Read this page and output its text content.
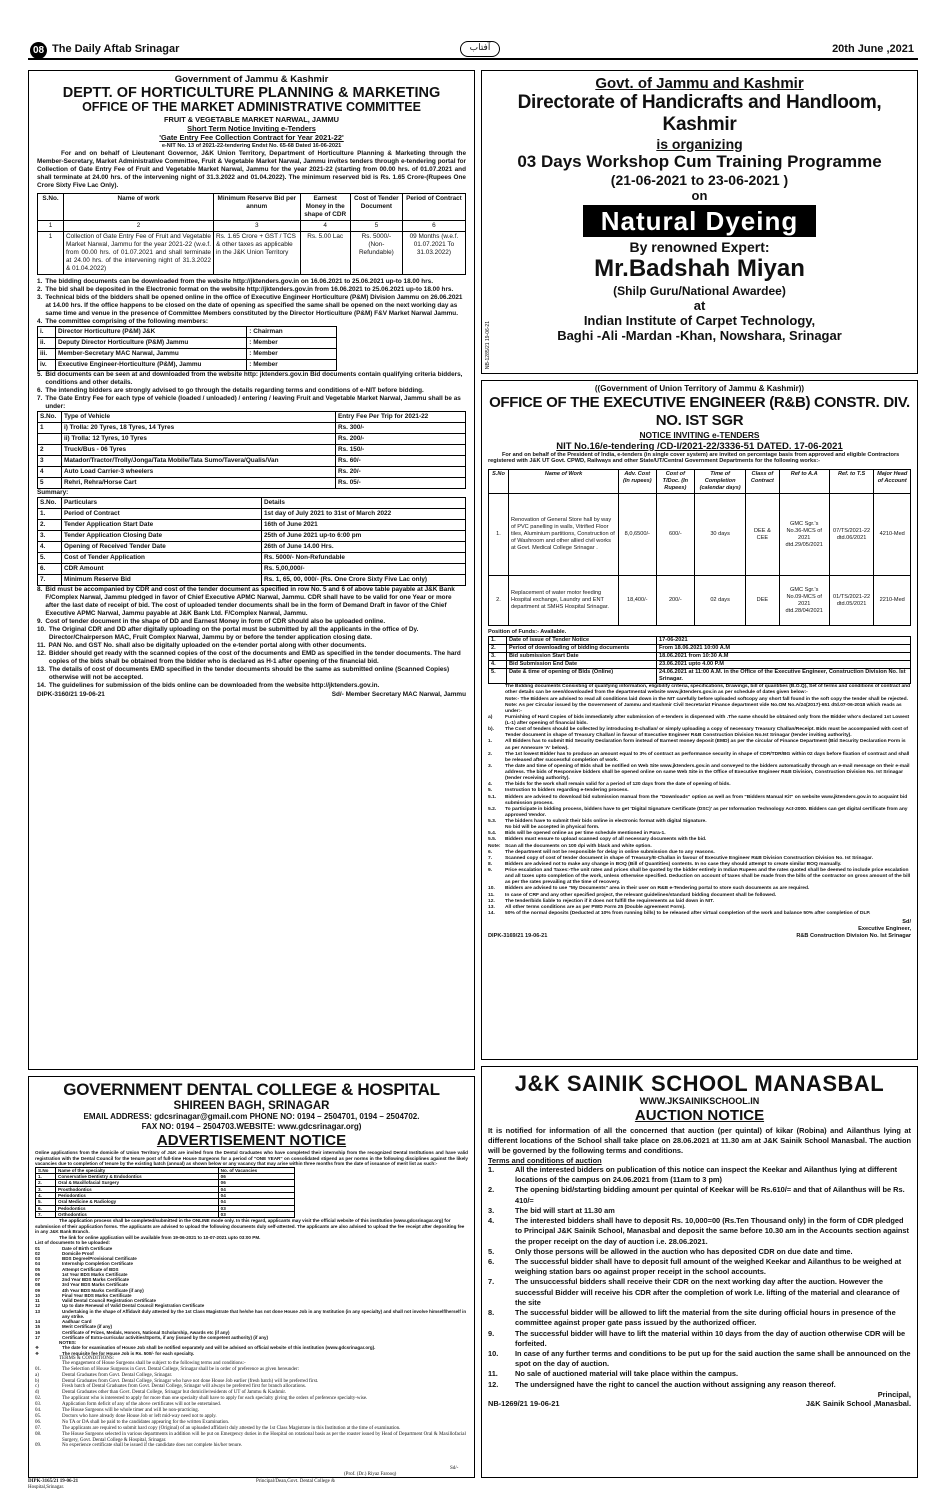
08 The Daily Aftab Srinagar	آفتاب	20th June ,2021
Government of Jammu & Kashmir
DEPTT. OF HORTICULTURE PLANNING & MARKETING
OFFICE OF THE MARKET ADMINISTRATIVE COMMITTEE
FRUIT & VEGETABLE MARKET NARWAL, JAMMU
Short Term Notice Inviting e-Tenders
'Gate Entry Fee Collection Contract for Year 2021-22'
e-NIT No. 13 of 2021-22-tendering Endst No. 65-68 Dated 16-06-2021
For and on behalf of Lieutenant Governor, J&K Union Territory, Department of Horticulture Planning & Marketing through the Member-Secretary, Market Administrative Committee, Fruit & Vegetable Market Narwal, Jammu invites tenders through e-tendering portal for Collection of Gate Entry Fee of Fruit and Vegetable Market Narwal, Jammu for the year 2021-22 (starting from 00.00 hrs. of 01.07.2021 and shall terminate at 24.00 hrs. of the intervening night of 31.3.2022 and 01.04.2022). The minimum reserved bid is Rs. 1.65 Crore-(Rupees One Crore Sixty Five Lac Only).
S.No.	Name of work	Minimum Reserve Bid per annum	Earnest Money in the shape of CDR	Cost of Tender Document	Period of Contract
1	2	3	4	5	6
1	Collection of Gate Entry Fee of Fruit and Vegetable Market Narwal, Jammu for the year 2021-22 (w.e.f. from 00.00 hrs. of 01.07.2021 and shall terminate at 24.00 hrs. of the intervening night of 31.3.2022 & 01.04.2022)	Rs. 1.65 Crore + GST / TCS & other taxes as applicable in the J&K Union Territory	Rs. 5.00 Lac	Rs. 5000/- (Non-Refundable)	09 Months (w.e.f. 01.07.2021 To 31.03.2022)

1. The bidding documents can be downloaded from the website http://jktenders.gov.in on 16.06.2021 to 25.06.2021 up-to 18.00 hrs.

2. The bid shall be deposited in the Electronic format on the website http://jktenders.gov.in from 16.06.2021 to 25.06.2021 up-to 18.00 hrs.

3. Technical bids of the bidders shall be opened online in the office of Executive Engineer Horticulture (P&M) Division Jammu on 26.06.2021 at 14.00 hrs. If the office happens to be closed on the date of opening as specified the same shall be opened on the next working day as same time and venue in the presence of Committee Members constituted by the Director Horticulture (P&M) F&V Market Narwal Jammu.

4. The committee comprising of the following members:

i.	Director Horticulture (P&M) J&K	: Chairman
ii.	Deputy Director Horticulture (P&M) Jammu	: Member
iii.	Member-Secretary MAC Narwal, Jammu	: Member
iv.	Executive Engineer-Horticulture (P&M), Jammu	: Member

5. Bid documents can be seen at and downloaded from the website http: jktenders.gov.in Bid documents contain qualifying criteria bidders, conditions and other details.

6. The intending bidders are strongly advised to go through the details regarding terms and conditions of e-NIT before bidding.

7. The Gate Entry Fee for each type of vehicle (loaded / unloaded) / entering / leaving Fruit and Vegetable Market Narwal, Jammu shall be as under:

S.No.	Type of Vehicle	Entry Fee Per Trip for 2021-22
1	i) Trolla: 20 Tyres, 18 Tyres, 14 Tyres	Rs. 300/-
	ii) Trolla: 12 Tyres, 10 Tyres	Rs. 200/-
2	Truck/Bus - 06 Tyres	Rs. 150/-
3	Matador/Tractor/Trolly/Jonga/Tata Mobile/Tata Sumo/Tavera/Qualis/Van	Rs. 60/-
4	Auto Load Carrier-3 wheelers	Rs. 20/-
5	Rehri, Rehra/Horse Cart	Rs. 05/-
Summary:
S.No.	Particulars	Details
1.	Period of Contract	1st day of July 2021 to 31st of March 2022
2.	Tender Application Start Date	16th of June 2021
3.	Tender Application Closing Date	25th of June 2021 up-to 6:00 pm
4.	Opening of Received Tender Date	26th of June 14.00 Hrs.
5.	Cost of Tender Application	Rs. 5000/- Non-Refundable
6.	CDR Amount	Rs. 5,00,000/-
7.	Minimum Reserve Bid	Rs. 1, 65, 00, 000/- (Rs. One Crore Sixty Five Lac only)

8. Bid must be accompanied by CDR and cost of the tender document as specified in row No. 5 and 6 of above table payable at J&K Bank F/Complex Narwal, Jammu pledged in favor of Chief Executive APMC Narwal, Jammu. CDR shall have to be valid for one Year or more after the last date of receipt of bid. The cost of uploaded tender documents shall be in the form of Demand Draft in favor of the Chief Executive APMC Narwal, Jammu payable at J&K Bank Ltd. F/Complex Narwal, Jammu.

9. Cost of tender document in the shape of DD and Earnest Money in form of CDR should also be uploaded online.

10. The Original CDR and DD after digitally uploading on the portal must be submitted by all the applicants in the office of Dy. Director/Chairperson MAC, Fruit Complex Narwal, Jammu by or before the tender application closing date.

11. PAN No. and GST No. shall also be digitally uploaded on the e-tender portal along with other documents.

12. Bidder should get ready with the scanned copies of the cost of the documents and EMD as specified in the tender documents. The hard copies of the bids shall be obtained from the bidder who is declared as H-1 after opening of the financial bid.

13. The details of cost of documents EMD specified in the tender documents should be the same as submitted online (Scanned Copies) otherwise will not be accepted.

14. The guidelines for submission of the bids online can be downloaded from the website http://jktenders.gov.in.

DIPK-3160/21 19-06-21	Sd/- Member Secretary MAC Narwal, Jammu
Govt. of Jammu and Kashmir
Directorate of Handicrafts and Handloom, Kashmir
is organizing
03 Days Workshop Cum Training Programme
(21-06-2021 to 23-06-2021 )
on
Natural Dyeing
By renowned Expert:
Mr.Badshah Miyan
(Shilp Guru/National Awardee)
at
Indian Institute of Carpet Technology,
Baghi -Ali -Mardan -Khan, Nowshara, Srinagar
NB-1285/21 19-06-21
((Government of Union Territory of Jammu & Kashmir))
OFFICE OF THE EXECUTIVE ENGINEER (R&B) CONSTR. DIV. NO. IST SGR
NOTICE INVITING e-TENDERS
NIT No.16/e-tendering /CD-I/2021-22/3336-51 DATED. 17-06-2021
For and on behalf of the President of India, e-tenders (in single cover system) are invited on percentage basis from approved and eligible Contractors registered with J&K UT Govt. CPWD, Railways and other State/UT/Central Government Departments for the following works:-
S.No	Name of Work	Adv. Cost (In rupees)	Cost of T/Doc. (In Rupees)	Time of Completion (calendar days)	Class of Contract	Ref to A.A	Ref. to T.S	Major Head of Account
1.	Renovation of General Store hall by way of PVC panelling in walls, Vitrified Floor tiles, Aluminium partitions, Construction of of Washroom and other allied civil works at Govt. Medical College Srinagar .	8,0,6500/-	600/-	30 days	DEE & CEE	GMC Sgr.'s No.36-MCS of 2021 dtd.29/05/2021	07/TS/2021-22 dtd.06/2021	4210-Med
2.	Replacement of water motor feeding Hospital exchange, Laundry and ENT department at SMHS Hospital Srinagar.	18,400/-	200/-	02 days	DEE	GMC Sgr.'s No.09-MCS of 2021 dtd.28/04/2021	01/TS/2021-22 dtd.05/2021	2210-Med
Position of Funds:- Available.
1.	Date of issue of Tender Notice	17-06-2021
2.	Period of downloading of bidding documents	From 18.06.2021 10:00 A.M
3.	Bid submission Start Date	18.06.2021 from 10:30 A.M
4.	Bid Submission End Date	23.06.2021 upto 4.00 P.M
5.	Date & time of opening of Bids (Online)	24.06.2021 at 11:00 A.M. in the Office of the Executive Engineer, Construction Division No. Ist Srinagar.

The Bidding documents Consisting of qualifying information, eligibility criteria, specifications, Drawings, bill of quantities (B.O.Q), Set of terms and conditions of contract and other details can be seen/downloaded from the departmental website www.jktenders.gov.in as per schedule of dates given below:-

Note:- The Bidders are advised to read all conditions laid down in the NIT carefully before uploaded softcopy any short fall found in the soft copy the tender shall be rejected.

Note: As per Circular issued by the Government of Jammu and Kashmir Civil Secretariat Finance department vide No.OM No.A/24(2017)-651 dtd.07-06-2018 which reads as under:-

a)	Furnishing of Hard Copies of bids immediately after submission of e-tenders is dispensed with .The same should be obtained only from the Bidder who's declared 1st Lowest (L-1) after opening of financial bids.

b).	The Cost of tenders should be collected by introducing E-challan/ or simply uploading a copy of necessary Treasury Challan/Receipt. Bids must be accompanied with cost of Tender document in shape of Treasury Challan/ in favour of Executive Engineer R&B Construction Division No.Ist Srinagar (tender inviting authority).

1.	All Bidders has to submit Bid Security Declaration form instead of Earnest money deposit (EMD) as per the circular of Finance Department (Bid Security Declaration Form is as per Annexure 'A' below).

2.	The 1st lowest Bidder has to produce an amount equal to 3% of contract as performance security in shape of CDR/TDR/BG within 02 days before fixation of contract and shall be released after successful completion of work.

3.	The date and time of opening of Bids shall be notified on Web Site www.jktenders.gov.in and conveyed to the bidders automatically through an e-mail message on their e-mail address. The bids of Responsive bidders shall be opened online on same Web Site in the Office of Executive Engineer R&B Division, Construction Division No. Ist Srinagar (tender receiving authority).

4.	The bids for the work shall remain valid for a period of 120 days from the date of opening of bids.

5.	Instruction to bidders regarding e-tendering process.

5.1.	Bidders are advised to download bid submission manual from the "Downloads" option as well as from "Bidders Manual Kit" on website www.jktenders.gov.in to acquaint bid submission process.

5.2.	To participate in bidding process, bidders have to get 'Digital Signature Certificate (DSC)' as per Information Technology Act-2000. Bidders can get digital certificate from any approved Vendor.

5.3.	The bidders have to submit their bids online in electronic format with digital Signature.

No bid will be accepted in physical form.

5.4.	Bids will be opened online as per time schedule mentioned in Para-1.

5.5.	Bidders must ensure to upload scanned copy of all necessary documents with the bid.

Note: Scan all the documents on 100 dpi with black and white option.

6.	The department will not be responsible for delay in online submission due to any reasons.

7.	Scanned copy of cost of tender document in shape of Treasury/E-Challan in favour of Executive Engineer R&B Division Construction Division No. Ist Srinagar.

8.	Bidders are advised not to make any change in BOQ (Bill of Quantities) contents. In no case they should attempt to create similar BOQ manually.

9.	Price escalation and Taxes:-The unit rates and prices shall be quoted by the bidder entirely in Indian Rupees and the rates quoted shall be deemed to include price escalation and all taxes upto completion of the work, unless otherwise specified. Deduction on account of taxes shall be made from the bills of the contractor on gross amount of the bill as per the rates prevailing at the time of recovery.

10.	Bidders are advised to use "My Documents" area in their user on R&B e-Tendering portal to store such documents as are required.

11.	In case of CRF and any other specified project, the relevant guidelines/standard bidding document shall be followed.

12.	The tender/bids liable to rejection if it does not fulfill the requirements as laid down in NIT.

13.	All other terms conditions are as per PWD Form 25 (Double agreement Form).

14.	50% of the normal deposits (Deducted at 10% from running bills) to be released after virtual completion of the work and balance 50% after completion of DLP.

Sd/
Executive Engineer,
DIPK-3169/21 19-06-21	R&B Construction Division No. Ist Srinagar
GOVERNMENT DENTAL COLLEGE & HOSPITAL
SHIREEN BAGH, SRINAGAR
EMAIL ADDRESS: gdcsrinagar@gmail.com PHONE NO: 0194 – 2504701, 0194 – 2504702.
FAX NO: 0194 – 2504703.WEBSITE: www.gdcsrinagar.org)
ADVERTISEMENT NOTICE
Online applications from the domicile of Union Territory of J&K are invited from the Dental Graduates who have completed their internship from the recognized Dental Institutions and have valid registration with the Dental Council for the tenure post of full-time House Surgeons for a period of "ONE YEAR" on consolidated stipend as per norms in the following disciplines against the likely vacancies due to completion of tenure by the existing batch (annual) as shown below or any vacancy that may arise within three months from the date of issuance of merit list as such:-
S.No	Name of the specialty	No. of Vacancies
1.	Conservative Dentistry & Endodontics	06
2.	Oral & Maxillofacial Surgery	06
3.	Prosthodontics	04
4.	Periodontics	04
5.	Oral Medicine & Radiology	04
6.	Pedodontics	03
7.	Orthodontics	03
The application process shall be completed/submitted in the ONLINE mode only. In this regard, applicants may visit the official website of this institution (www.gdcsrinagar.org) for submission of their application forms. The applicants are advised to upload the following documents duly self-attested. The applicants are also advised to upload the fee receipt after depositing fee in any J&K Bank Branch.
The link for online application will be available from 19-06-2021 to 10-07-2021 upto 03:00 PM.
List of documents to be uploaded:

01	Date of Birth Certificate

02	Domicile Proof

03	BDS Degree/Provisional Certificate

04	Internship Completion Certificate

05	Attempt Certificate of BDS

06	1st Year BDS Marks Certificate

07	2nd Year BDS Marks Certificate

08	3rd Year BDS Marks Certificate

09	4th Year BDS Marks Certificate (if any)

10	Final Year BDS Marks Certificate

11	Valid Dental Council Registration Certificate

12	Up to date Renewal of Valid Dental Council Registration Certificate

13	Undertaking in the shape of Affidavit duly attested by the 1st Class Magistrate that he/she has not done House Job in any Institution (in any specialty) and shall not involve himself/herself in any strike.

14	Aadhaar Card

15	Merit Certificate (if any)

16	Certificate of Prizes, Medals, Honors, National Scholarship, Awards etc (if any)

17	Certificate of Extra-curricular activities/Sports, if any (issued by the competent authority) (if any)

NOTES:

❖	The date for examination of House Job shall be notified separately and will be advised on official website of this institution (www.gdcsrinagar.org).

❖	The requisite fee for House Job is Rs. 500/- for each specialty.

TERMS & CONDITIONS:

The engagement of House Surgeons shall be subject to the following terms and conditions:-

01.	The Selection of House Surgeons in Govt. Dental College, Srinagar shall be in order of preference as given hereunder:

a)	Dental Graduates from Govt. Dental College, Srinagar.

b)	Dental Graduates from Govt. Dental College, Srinagar who have not done House Job earlier (fresh batch) will be preferred first.

c)	Fresh batch of Dental Graduates from Govt. Dental College, Srinagar will always be preferred first for branch allocations.

d)	Dental Graduates other than Govt. Dental College, Srinagar but domicile/residents of UT of Jammu & Kashmir.

02.	The applicant who is interested to apply for more than one specialty shall have to apply for each specialty giving the orders of preference specialty-wise.

03.	Application form deficit of any of the above certificates will not be entertained.

04.	The House Surgeons will be whole timer and will be non-practicing.

05.	Doctors who have already done House Job or left mid-way need not to apply.

06.	No TA or DA shall be paid to the candidates appearing for the written Examination.

07.	The applicants are required to submit hard copy (Original) of an uploaded affidavit duly attested by the 1st Class Magistrate in this Institution at the time of examination.

08.	The House Surgeons selected in various departments in addition will be put on Emergency duties in the Hospital on rotational basis as per the roaster issued by Head of Department Oral & Maxillofacial Surgery, Govt. Dental College & Hospital, Srinagar.

09.	No experience certificate shall be issued if the candidate does not complete his/her tenure.

DIPK-3165/21 19-06-21	Principal/Dean,Govt. Dental College &
Hospital,Srinagar.
Sd/-
(Prof. (Dr.) Riyaz Farooq)
J&K SAINIK SCHOOL MANASBAL
WWW.JKSAINIKSCHOOL.IN
AUCTION NOTICE
It is notified for information of all the concerned that auction (per quintal) of kikar (Robina) and Ailanthus lying at different locations of the School shall take place on 28.06.2021 at 11.30 am at J&K Sainik School Manasbal. The auction will be governed by the following terms and conditions.
Terms and conditions of auction

1.	All the interested bidders on publication of this notice can inspect the Keekar and Ailanthus lying at different locations of the campus on 24.06.2021 from (11am to 3 pm)

2.	The opening bid/starting bidding amount per quintal of Keekar will be Rs.610/= and that of Ailanthus will be Rs. 410/=

3.	The bid will start at 11.30 am

4.	The interested bidders shall have to deposit Rs. 10,000=00 (Rs.Ten Thousand only) in the form of CDR pledged to Principal J&K Sainik School, Manasbal and deposit the same before 10.30 am in the Accounts section against the proper receipt on the day of auction i.e. 28.06.2021.

5.	Only those persons will be allowed in the auction who has deposited CDR on due date and time.

6.	The successful bidder shall have to deposit full amount of the weighed Keekar and Ailanthus to be weighed at weighing station bars oo against proper receipt in the school accounts.

7.	The unsuccessful bidders shall receive their CDR on the next working day after the auction. However the successful Bidder will receive his CDR after the completion of work I.e. lifting of the material and clearance of the site

8.	The successful bidder will be allowed to lift the material from the site during official hours in presence of the committee against proper gate pass issued by the authorized officer.

9.	The successful bidder will have to lift the material within 10 days from the day of auction otherwise CDR will be forfeited.

10.	In case of any further terms and conditions to be put up for the said auction the same shall be announced on the spot on the day of auction.

11.	No sale of auctioned material will take place within the campus.

12.	The undersigned have the right to cancel the auction without assigning any reason thereof.

Principal,
NB-1269/21 19-06-21	J&K Sainik School ,Manasbal.
